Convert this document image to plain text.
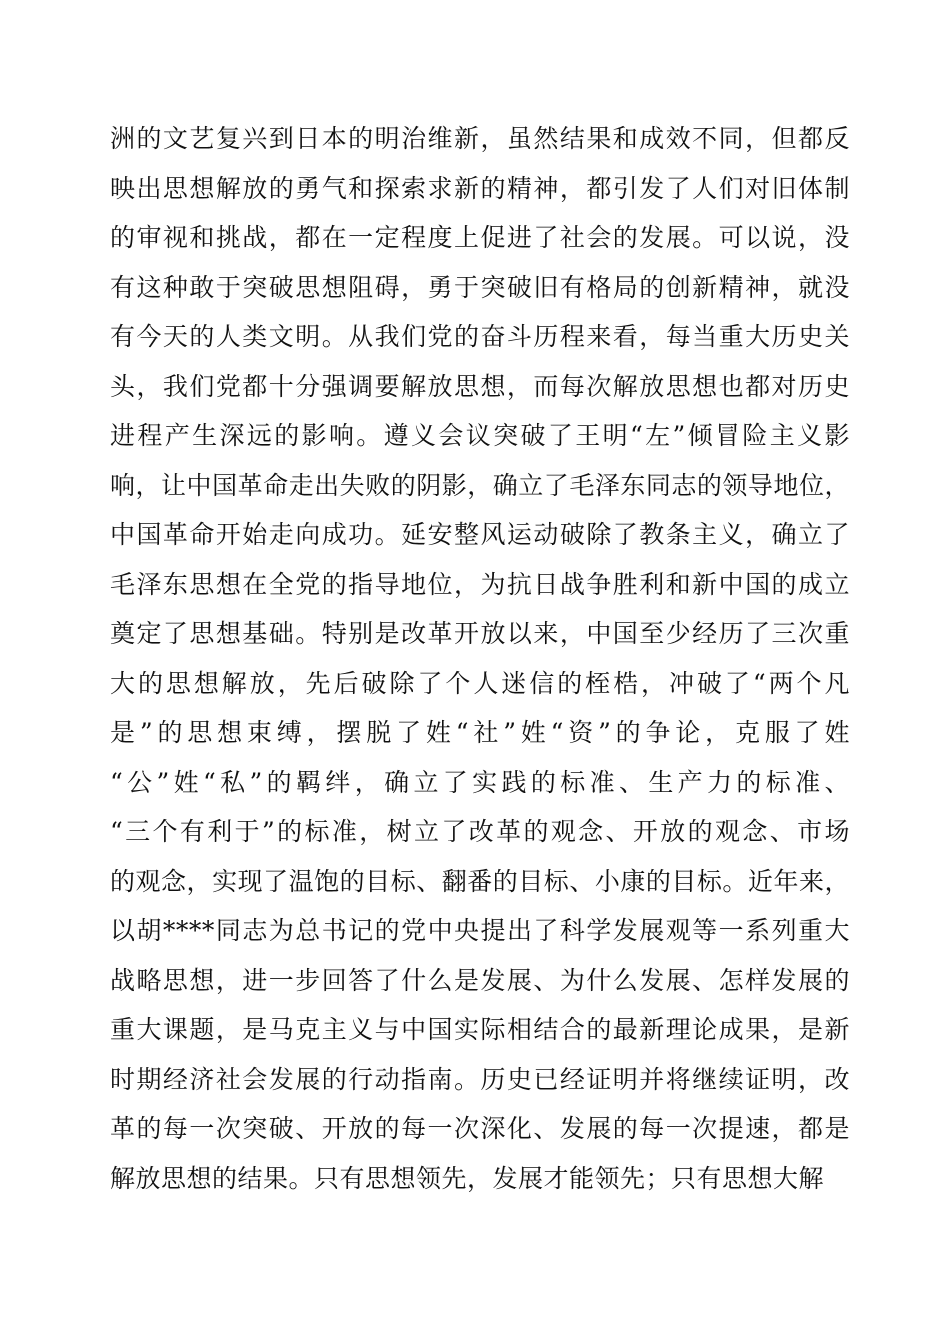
洲的文艺复兴到日本的明治维新，虽然结果和成效不同，但都反
映出思想解放的勇气和探索求新的精神，都引发了人们对旧体制
的审视和挑战，都在一定程度上促进了社会的发展。可以说，没
有这种敢于突破思想阻碍，勇于突破旧有格局的创新精神，就没
有今天的人类文明。从我们党的奋斗历程来看，每当重大历史关
头，我们党都十分强调要解放思想，而每次解放思想也都对历史
进程产生深远的影响。遵义会议突破了王明“左”倾冒险主义影
响，让中国革命走出失败的阴影，确立了毛泽东同志的领导地位，
中国革命开始走向成功。延安整风运动破除了教条主义，确立了
毛泽东思想在全党的指导地位，为抗日战争胜利和新中国的成立
奠定了思想基础。特别是改革开放以来，中国至少经历了三次重
大的思想解放，先后破除了个人迷信的桎梏，冲破了“两个凡
是”的思想束缚，摆脱了姓“社”姓“资”的争论，克服了姓
“公”姓“私”的羁绊，确立了实践的标准、生产力的标准、
“三个有利于”的标准，树立了改革的观念、开放的观念、市场
的观念，实现了温饱的目标、翻番的目标、小康的目标。近年来，
以胡****同志为总书记的党中央提出了科学发展观等一系列重大
战略思想，进一步回答了什么是发展、为什么发展、怎样发展的
重大课题，是马克主义与中国实际相结合的最新理论成果，是新
时期经济社会发展的行动指南。历史已经证明并将继续证明，改
革的每一次突破、开放的每一次深化、发展的每一次提速，都是
解放思想的结果。只有思想领先，发展才能领先；只有思想大解
